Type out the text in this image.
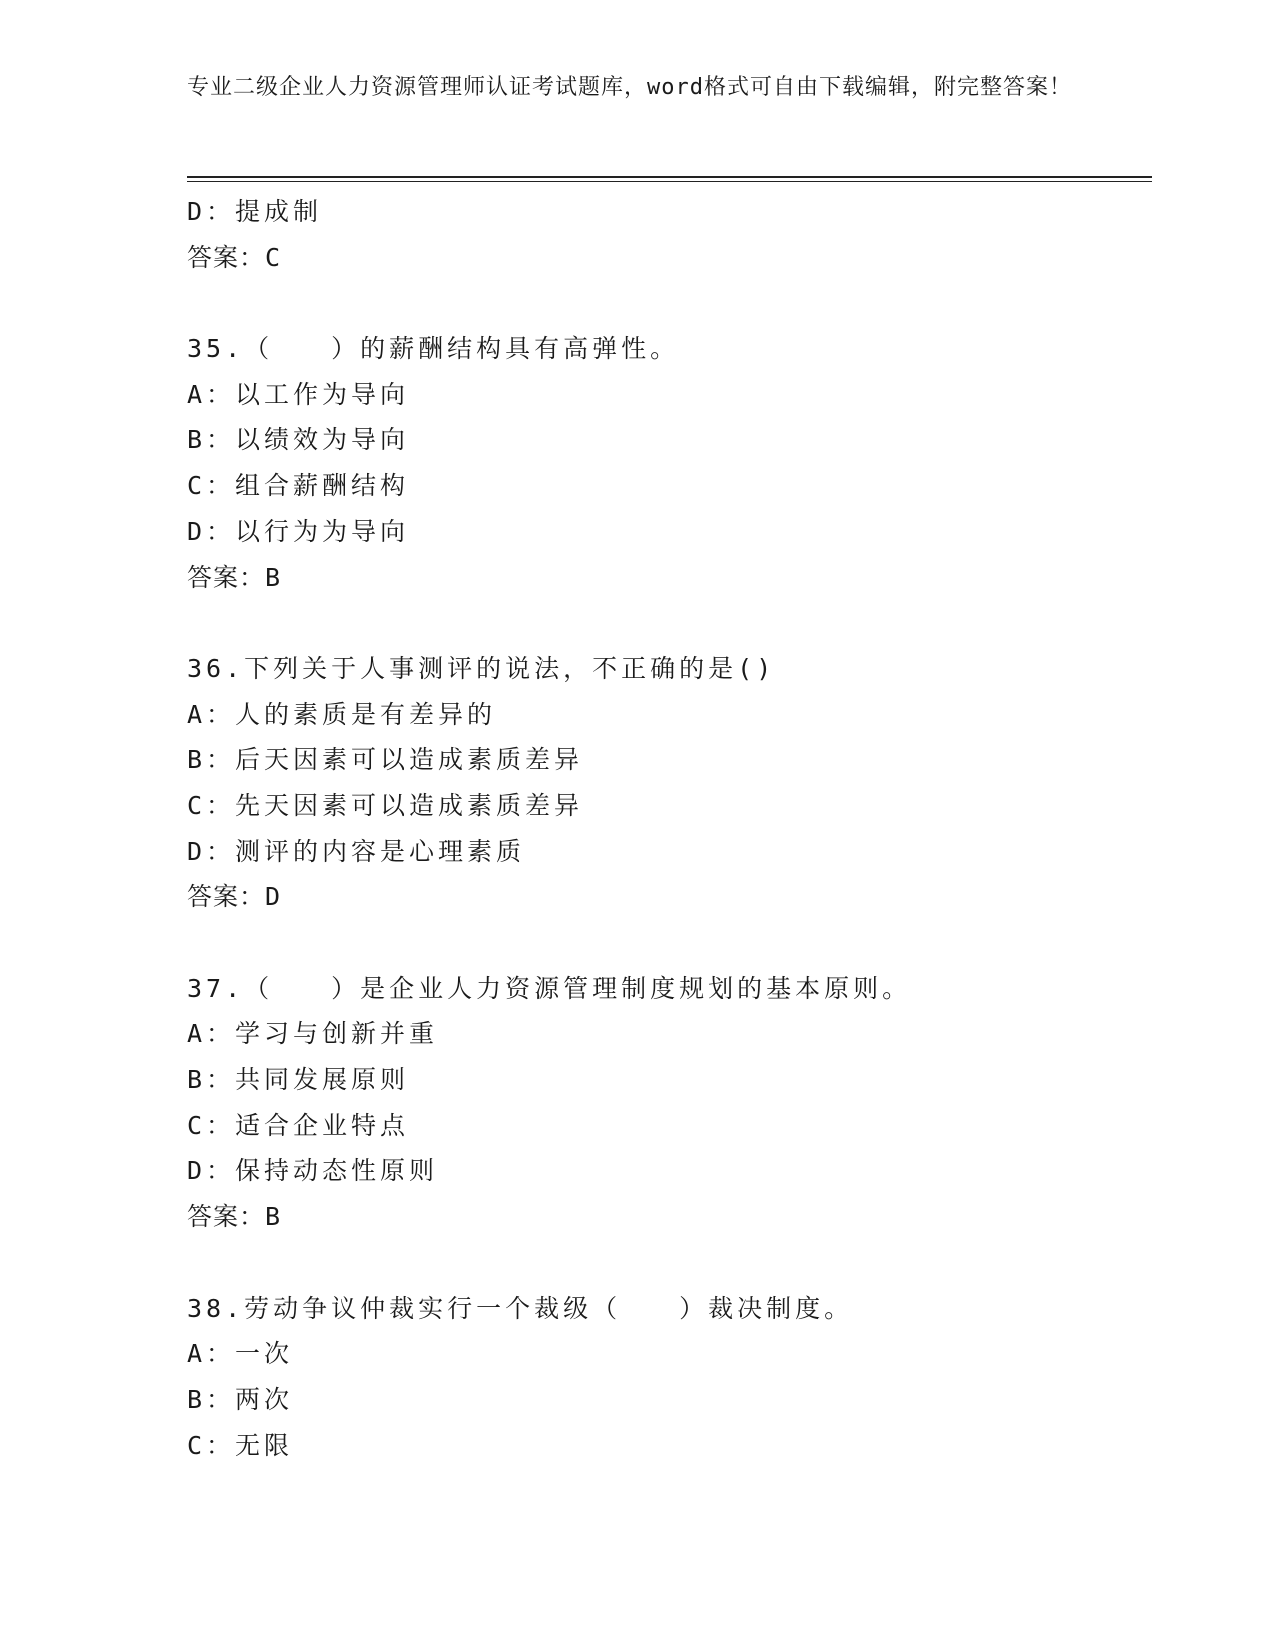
专业二级企业人力资源管理师认证考试题库，word格式可自由下载编辑，附完整答案！
D：提成制
答案：C
35.（　　）的薪酬结构具有高弹性。
A：以工作为导向
B：以绩效为导向
C：组合薪酬结构
D：以行为为导向
答案：B
36.下列关于人事测评的说法，不正确的是()
A：人的素质是有差异的
B：后天因素可以造成素质差异
C：先天因素可以造成素质差异
D：测评的内容是心理素质
答案：D
37.（　　）是企业人力资源管理制度规划的基本原则。
A：学习与创新并重
B：共同发展原则
C：适合企业特点
D：保持动态性原则
答案：B
38.劳动争议仲裁实行一个裁级（　　）裁决制度。
A：一次
B：两次
C：无限
